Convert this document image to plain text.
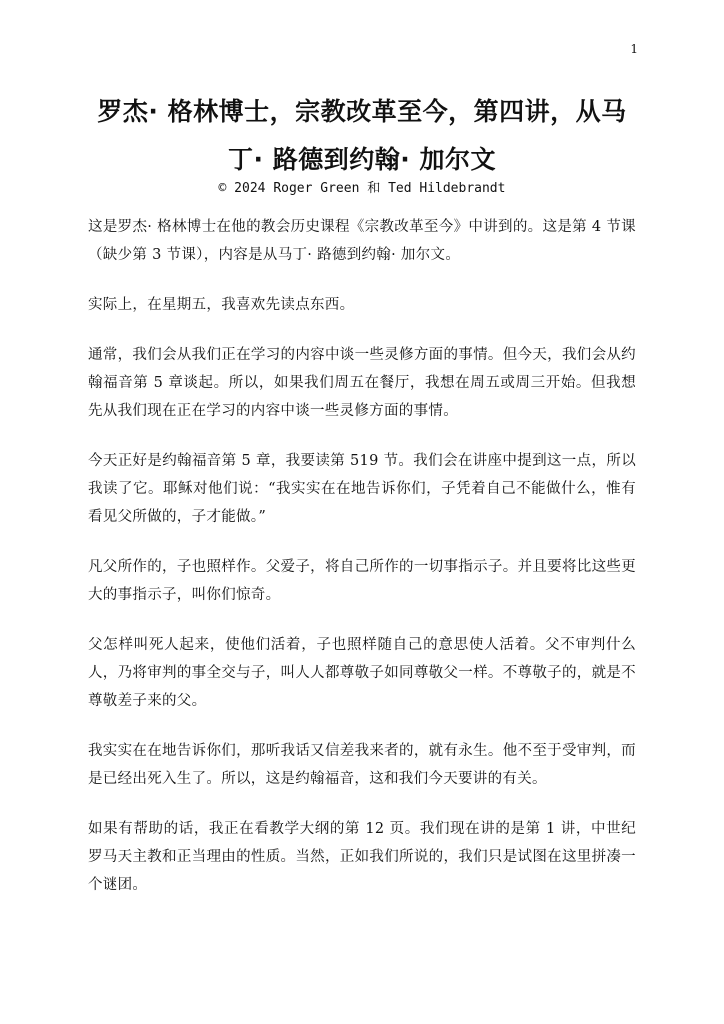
1
罗杰· 格林博士，宗教改革至今，第四讲，从马丁· 路德到约翰· 加尔文
© 2024 Roger Green 和 Ted Hildebrandt

这是罗杰· 格林博士在他的教会历史课程《宗教改革至今》中讲到的。这是第 4 节课（缺少第 3 节课），内容是从马丁· 路德到约翰· 加尔文。

实际上，在星期五，我喜欢先读点东西。

通常，我们会从我们正在学习的内容中谈一些灵修方面的事情。但今天，我们会从约翰福音第 5 章谈起。所以，如果我们周五在餐厅，我想在周五或周三开始。但我想先从我们现在正在学习的内容中谈一些灵修方面的事情。

今天正好是约翰福音第 5 章，我要读第 519 节。我们会在讲座中提到这一点，所以我读了它。耶稣对他们说：“我实实在在地告诉你们，子凭着自己不能做什么，惟有看见父所做的，子才能做。”

凡父所作的，子也照样作。父爱子，将自己所作的一切事指示子。并且要将比这些更大的事指示子，叫你们惊奇。

父怎样叫死人起来，使他们活着，子也照样随自己的意思使人活着。父不审判什么人，乃将审判的事全交与子，叫人人都尊敬子如同尊敬父一样。不尊敬子的，就是不尊敬差子来的父。

我实实在在地告诉你们，那听我话又信差我来者的，就有永生。他不至于受审判，而是已经出死入生了。所以，这是约翰福音，这和我们今天要讲的有关。

如果有帮助的话，我正在看教学大纲的第 12 页。我们现在讲的是第 1 讲，中世纪罗马天主教和正当理由的性质。当然，正如我们所说的，我们只是试图在这里拼凑一个谜团。
